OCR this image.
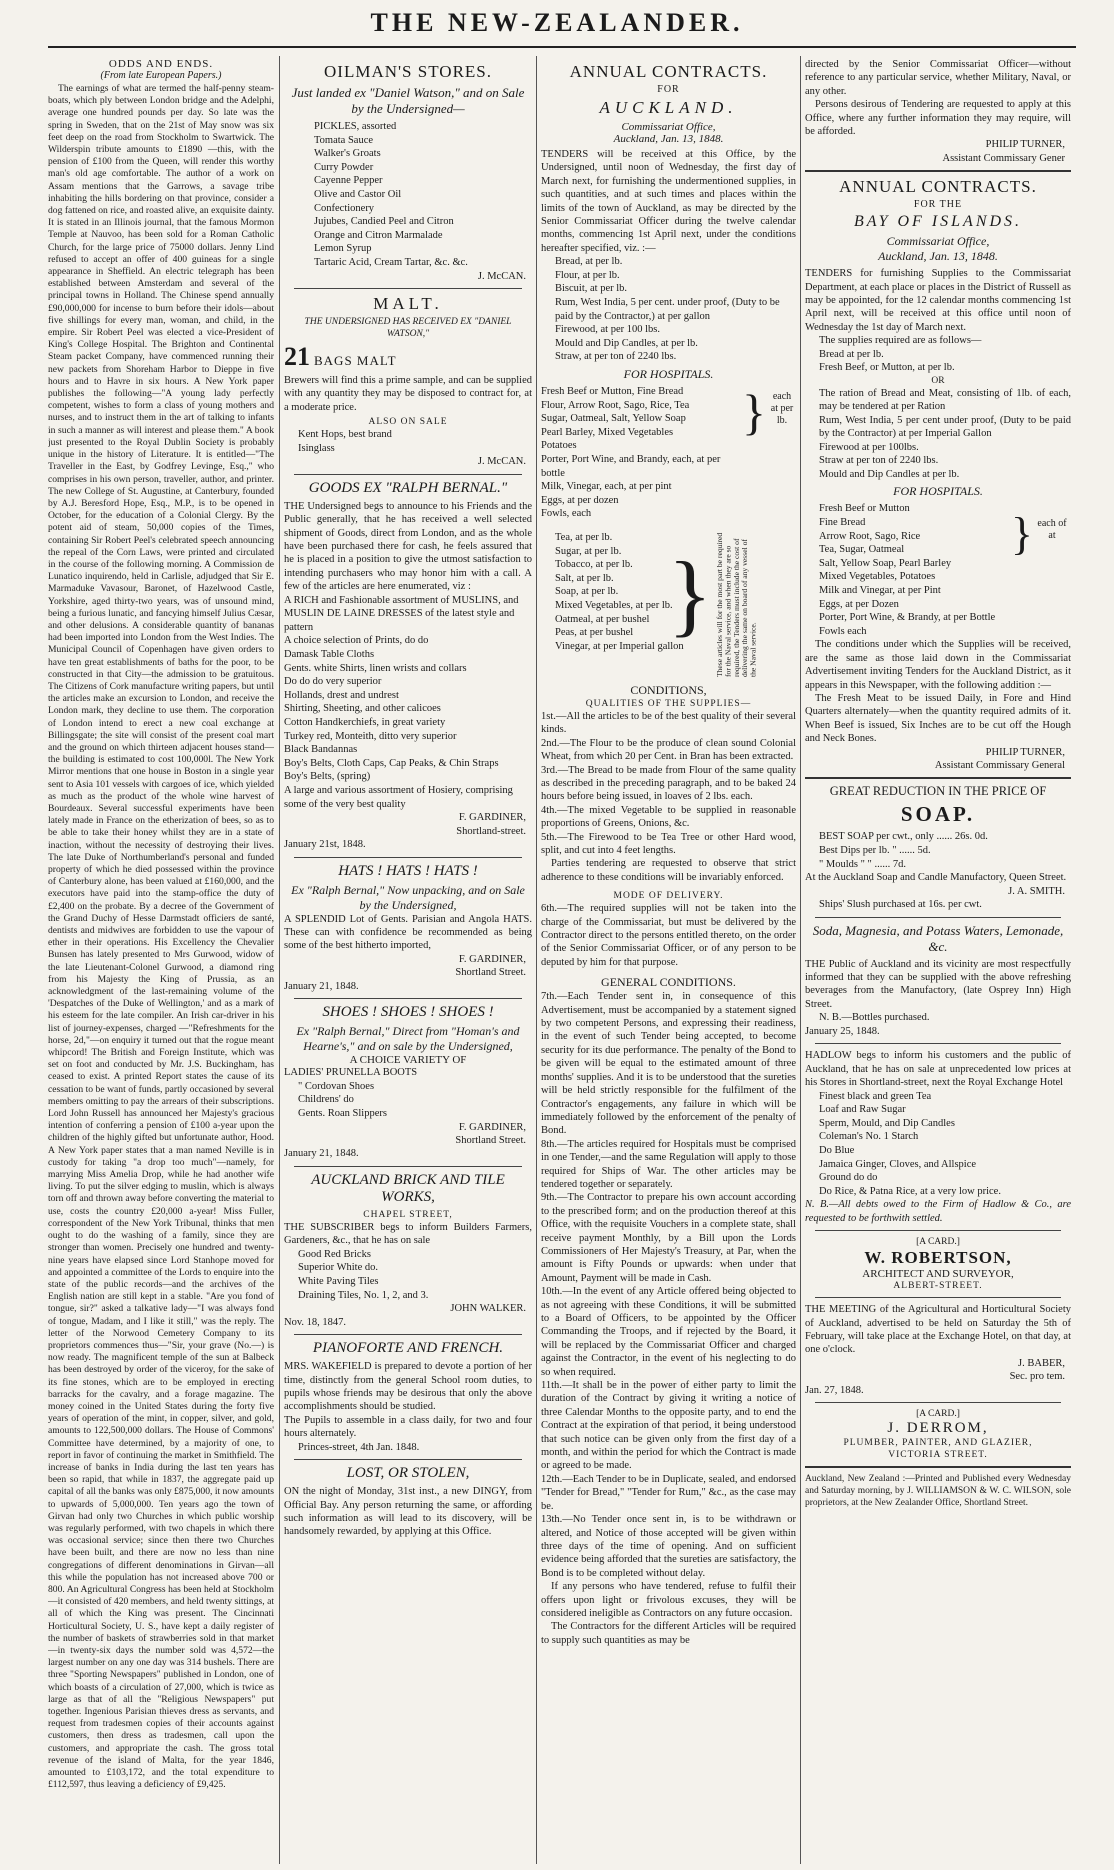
THE NEW-ZEALANDER.
ODDS AND ENDS.
(From late European Papers.)

The earnings of what are termed the half-penny steam-boats, which ply between London bridge and the Adelphi, average one hundred pounds per day. So late was the spring in Sweden, that on the 21st of May snow was six feet deep on the road from Stockholm to Swartwick. The Wilderspin tribute amounts to £1890 —this, with the pension of £100 from the Queen, will render this worthy man's old age comfortable. The author of a work on Assam mentions that the Garrows, a savage tribe inhabiting the hills bordering on that province, consider a dog fattened on rice, and roasted alive, an exquisite dainty. It is stated in an Illinois journal, that the famous Mormon Temple at Nauvoo, has been sold for a Roman Catholic Church, for the large price of 75000 dollars. Jenny Lind refused to accept an offer of 400 guineas for a single appearance in Sheffield. An electric telegraph has been established between Amsterdam and several of the principal towns in Holland. The Chinese spend annually £90,000,000 for incense to burn before their idols—about five shillings for every man, woman, and child, in the empire. Sir Robert Peel was elected a vice-President of King's College Hospital. The Brighton and Continental Steam packet Company, have commenced running their new packets from Shoreham Harbor to Dieppe in five hours and to Havre in six hours. A New York paper publishes the following—"A young lady perfectly competent, wishes to form a class of young mothers and nurses, and to instruct them in the art of talking to infants in such a manner as will interest and please them." A book just presented to the Royal Dublin Society is probably unique in the history of Literature. It is entitled—"The Traveller in the East, by Godfrey Levinge, Esq.," who comprises in his own person, traveller, author, and printer. The new College of St. Augustine, at Canterbury, founded by A.J. Beresford Hope, Esq., M.P., is to be opened in October, for the education of a Colonial Clergy. By the potent aid of steam, 50,000 copies of the Times, containing Sir Robert Peel's celebrated speech announcing the repeal of the Corn Laws, were printed and circulated in the course of the following morning. A Commission de Lunatico inquirendo, held in Carlisle, adjudged that Sir E. Marmaduke Vavasour, Baronet, of Hazelwood Castle, Yorkshire, aged thirty-two years, was of unsound mind, being a furious lunatic, and fancying himself Julius Cæsar, and other delusions. A considerable quantity of bananas had been imported into London from the West Indies. The Municipal Council of Copenhagen have given orders to have ten great establishments of baths for the poor, to be constructed in that City—the admission to be gratuitous. The Citizens of Cork manufacture writing papers, but until the articles make an excursion to London, and receive the London mark, they decline to use them. The corporation of London intend to erect a new coal exchange at Billingsgate; the site will consist of the present coal mart and the ground on which thirteen adjacent houses stand—the building is estimated to cost 100,000l. The New York Mirror mentions that one house in Boston in a single year sent to Asia 101 vessels with cargoes of ice, which yielded as much as the product of the whole wine harvest of Bourdeaux. Several successful experiments have been lately made in France on the etherization of bees, so as to be able to take their honey whilst they are in a state of inaction, without the necessity of destroying their lives. The late Duke of Northumberland's personal and funded property of which he died possessed within the province of Canterbury alone, has been valued at £160,000, and the executors have paid into the stamp-office the duty of £2,400 on the probate. By a decree of the Government of the Grand Duchy of Hesse Darmstadt officiers de santé, dentists and midwives are forbidden to use the vapour of ether in their operations. His Excellency the Chevalier Bunsen has lately presented to Mrs Gurwood, widow of the late Lieutenant-Colonel Gurwood, a diamond ring from his Majesty the King of Prussia, as an acknowledgment of the last-remaining volume of the 'Despatches of the Duke of Wellington,' and as a mark of his esteem for the late compiler. An Irish car-driver in his list of journey-expenses, charged —"Refreshments for the horse, 2d,"—on enquiry it turned out that the rogue meant whipcord! The British and Foreign Institute, which was set on foot and conducted by Mr. J.S. Buckingham, has ceased to exist. A printed Report states the cause of its cessation to be want of funds, partly occasioned by several members omitting to pay the arrears of their subscriptions. Lord John Russell has announced her Majesty's gracious intention of conferring a pension of £100 a-year upon the children of the highly gifted but unfortunate author, Hood. A New York paper states that a man named Neville is in custody for taking "a drop too much"—namely, for marrying Miss Amelia Drop, while he had another wife living. To put the silver edging to muslin, which is always torn off and thrown away before converting the material to use, costs the country £20,000 a-year! Miss Fuller, correspondent of the New York Tribunal, thinks that men ought to do the washing of a family, since they are stronger than women. Precisely one hundred and twenty-nine years have elapsed since Lord Stanhope moved for and appointed a committee of the Lords to enquire into the state of the public records—and the archives of the English nation are still kept in a stable. "Are you fond of tongue, sir?" asked a talkative lady—"I was always fond of tongue, Madam, and I like it still," was the reply. The letter of the Norwood Cemetery Company to its proprietors commences thus—"Sir, your grave (No.—) is now ready. The magnificent temple of the sun at Balbeck has been destroyed by order of the viceroy, for the sake of its fine stones, which are to be employed in erecting barracks for the cavalry, and a forage magazine. The money coined in the United States during the forty five years of operation of the mint, in copper, silver, and gold, amounts to 122,500,000 dollars. The House of Commons' Committee have determined, by a majority of one, to report in favor of continuing the market in Smithfield. The increase of banks in India during the last ten years has been so rapid, that while in 1837, the aggregate paid up capital of all the banks was only £875,000, it now amounts to upwards of 5,000,000. Ten years ago the town of Girvan had only two Churches in which public worship was regularly performed, with two chapels in which there was occasional service; since then there two Churches have been built, and there are now no less than nine congregations of different denominations in Girvan—all this while the population has not increased above 700 or 800. An Agricultural Congress has been held at Stockholm—it consisted of 420 members, and held twenty sittings, at all of which the King was present. The Cincinnati Horticultural Society, U. S., have kept a daily register of the number of baskets of strawberries sold in that market—in twenty-six days the number sold was 4,572—the largest number on any one day was 314 bushels. There are three "Sporting Newspapers" published in London, one of which boasts of a circulation of 27,000, which is twice as large as that of all the "Religious Newspapers" put together. Ingenious Parisian thieves dress as servants, and request from tradesmen copies of their accounts against customers, then dress as tradesmen, call upon the customers, and appropriate the cash. The gross total revenue of the island of Malta, for the year 1846, amounted to £103,172, and the total expenditure to £112,597, thus leaving a deficiency of £9,425.

OILMAN'S STORES.
Just landed ex "Daniel Watson," and on Sale by the Undersigned—
PICKLES, assorted
Tomata Sauce
Walker's Groats
Curry Powder
Cayenne Pepper
Olive and Castor Oil
Confectionery
Jujubes, Candied Peel and Citron
Orange and Citron Marmalade
Lemon Syrup
Tartaric Acid, Cream Tartar, &c. &c.
J. McCAN.
MALT.
THE UNDERSIGNED HAS RECEIVED EX "DANIEL WATSON,"
21 BAGS MALT

Brewers will find this a prime sample, and can be supplied with any quantity they may be disposed to contract for, at a moderate price.

ALSO ON SALE
Kent Hops, best brand
Isinglass
J. McCAN.
GOODS EX "RALPH BERNAL."

THE Undersigned begs to announce to his Friends and the Public generally, that he has received a well selected shipment of Goods, direct from London, and as the whole have been purchased there for cash, he feels assured that he is placed in a position to give the utmost satisfaction to intending purchasers who may honor him with a call. A few of the articles are here enumerated, viz :

A RICH and Fashionable assortment of MUSLINS, and MUSLIN DE LAINE DRESSES of the latest style and pattern
A choice selection of Prints, do do
Damask Table Cloths
Gents. white Shirts, linen wrists and collars
Do do do very superior
Hollands, drest and undrest
Shirting, Sheeting, and other calicoes
Cotton Handkerchiefs, in great variety
Turkey red, Monteith, ditto very superior
Black Bandannas
Boy's Belts, Cloth Caps, Cap Peaks, & Chin Straps
Boy's Belts, (spring)
A large and various assortment of Hosiery, comprising some of the very best quality
F. GARDINER,
Shortland-street.
January 21st, 1848.
HATS ! HATS ! HATS !
Ex "Ralph Bernal," Now unpacking, and on Sale by the Undersigned,

A SPLENDID Lot of Gents. Parisian and Angola HATS. These can with confidence be recommended as being some of the best hitherto imported,

F. GARDINER,
Shortland Street.
January 21, 1848.
SHOES ! SHOES ! SHOES !
Ex "Ralph Bernal," Direct from "Homan's and Hearne's," and on sale by the Undersigned,
A CHOICE VARIETY OF
LADIES' PRUNELLA BOOTS
" Cordovan Shoes
Childrens' do
Gents. Roan Slippers
F. GARDINER,
Shortland Street.
January 21, 1848.
AUCKLAND BRICK AND TILE WORKS,
CHAPEL STREET,

THE SUBSCRIBER begs to inform Builders Farmers, Gardeners, &c., that he has on sale

Good Red Bricks
Superior White do.
White Paving Tiles
Draining Tiles, No. 1, 2, and 3.
JOHN WALKER.
Nov. 18, 1847.
PIANOFORTE AND FRENCH.

MRS. WAKEFIELD is prepared to devote a portion of her time, distinctly from the general School room duties, to pupils whose friends may be desirous that only the above accomplishments should be studied.

The Pupils to assemble in a class daily, for two and four hours alternately.

Princes-street, 4th Jan. 1848.
LOST, OR STOLEN,

ON the night of Monday, 31st inst., a new DINGY, from Official Bay. Any person returning the same, or affording such information as will lead to its discovery, will be handsomely rewarded, by applying at this Office.

ANNUAL CONTRACTS.
FOR
AUCKLAND.
Commissariat Office,
Auckland, Jan. 13, 1848.

TENDERS will be received at this Office, by the Undersigned, until noon of Wednesday, the first day of March next, for furnishing the undermentioned supplies, in such quantities, and at such times and places within the limits of the town of Auckland, as may be directed by the Senior Commissariat Officer during the twelve calendar months, commencing 1st April next, under the conditions hereafter specified, viz. :—

Bread, at per lb.
Flour, at per lb.
Biscuit, at per lb.
Rum, West India, 5 per cent. under proof, (Duty to be paid by the Contractor,) at per gallon
Firewood, at per 100 lbs.
Mould and Dip Candles, at per lb.
Straw, at per ton of 2240 lbs.
FOR HOSPITALS.
Fresh Beef or Mutton, Fine Bread
Flour, Arrow Root, Sago, Rice, Tea
Sugar, Oatmeal, Salt, Yellow Soap
Pearl Barley, Mixed Vegetables
Potatoes
Porter, Port Wine, and Brandy, each, at per bottle
Milk, Vinegar, each, at per pint
Eggs, at per dozen
Fowls, each
} each at per lb.
Tea, at per lb.
Sugar, at per lb.
Tobacco, at per lb.
Salt, at per lb.
Soap, at per lb.
Mixed Vegetables, at per lb.
Oatmeal, at per bushel
Peas, at per bushel
Vinegar, at per Imperial gallon
} These articles will for the most part be required for the Naval service, and when they are so required, the Tenders must include the cost of delivering the same on board of any vessel of the Naval service.
CONDITIONS,
QUALITIES OF THE SUPPLIES—

1st.—All the articles to be of the best quality of their several kinds.

2nd.—The Flour to be the produce of clean sound Colonial Wheat, from which 20 per Cent. in Bran has been extracted.

3rd.—The Bread to be made from Flour of the same quality as described in the preceding paragraph, and to be baked 24 hours before being issued, in loaves of 2 lbs. each.

4th.—The mixed Vegetable to be supplied in reasonable proportions of Greens, Onions, &c.

5th.—The Firewood to be Tea Tree or other Hard wood, split, and cut into 4 feet lengths.

Parties tendering are requested to observe that strict adherence to these conditions will be invariably enforced.

MODE OF DELIVERY.

6th.—The required supplies will not be taken into the charge of the Commissariat, but must be delivered by the Contractor direct to the persons entitled thereto, on the order of the Senior Commissariat Officer, or of any person to be deputed by him for that purpose.

GENERAL CONDITIONS.

7th.—Each Tender sent in, in consequence of this Advertisement, must be accompanied by a statement signed by two competent Persons, and expressing their readiness, in the event of such Tender being accepted, to become security for its due performance. The penalty of the Bond to be given will be equal to the estimated amount of three months' supplies. And it is to be understood that the sureties will be held strictly responsible for the fulfilment of the Contractor's engagements, any failure in which will be immediately followed by the enforcement of the penalty of Bond.

8th.—The articles required for Hospitals must be comprised in one Tender,—and the same Regulation will apply to those required for Ships of War. The other articles may be tendered together or separately.

9th.—The Contractor to prepare his own account according to the prescribed form; and on the production thereof at this Office, with the requisite Vouchers in a complete state, shall receive payment Monthly, by a Bill upon the Lords Commissioners of Her Majesty's Treasury, at Par, when the amount is Fifty Pounds or upwards: when under that Amount, Payment will be made in Cash.

10th.—In the event of any Article offered being objected to as not agreeing with these Conditions, it will be submitted to a Board of Officers, to be appointed by the Officer Commanding the Troops, and if rejected by the Board, it will be replaced by the Commissariat Officer and charged against the Contractor, in the event of his neglecting to do so when required.

11th.—It shall be in the power of either party to limit the duration of the Contract by giving it writing a notice of three Calendar Months to the opposite party, and to end the Contract at the expiration of that period, it being understood that such notice can be given only from the first day of a month, and within the period for which the Contract is made or agreed to be made.

12th.—Each Tender to be in Duplicate, sealed, and endorsed "Tender for Bread," "Tender for Rum," &c., as the case may be.

13th.—No Tender once sent in, is to be withdrawn or altered, and Notice of those accepted will be given within three days of the time of opening. And on sufficient evidence being afforded that the sureties are satisfactory, the Bond is to be completed without delay.

If any persons who have tendered, refuse to fulfil their offers upon light or frivolous excuses, they will be considered ineligible as Contractors on any future occasion.

The Contractors for the different Articles will be required to supply such quantities as may be

directed by the Senior Commissariat Officer—without reference to any particular service, whether Military, Naval, or any other.

Persons desirous of Tendering are requested to apply at this Office, where any further information they may require, will be afforded.

PHILIP TURNER,
Assistant Commissary Gener
ANNUAL CONTRACTS.
FOR THE
BAY OF ISLANDS.
Commissariat Office,
Auckland, Jan. 13, 1848.

TENDERS for furnishing Supplies to the Commissariat Department, at each place or places in the District of Russell as may be appointed, for the 12 calendar months commencing 1st April next, will be received at this office until noon of Wednesday the 1st day of March next.

The supplies required are as follows—
Bread at per lb.
Fresh Beef, or Mutton, at per lb.
OR

The ration of Bread and Meat, consisting of 1lb. of each, may be tendered at per Ration

Rum, West India, 5 per cent under proof, (Duty to be paid by the Contractor) at per Imperial Gallon

Firewood at per 100lbs.
Straw at per ton of 2240 lbs.
Mould and Dip Candles at per lb.
FOR HOSPITALS.
Fresh Beef or Mutton
Fine Bread
Arrow Root, Sago, Rice
Tea, Sugar, Oatmeal
Salt, Yellow Soap, Pearl Barley
Mixed Vegetables, Potatoes
Milk and Vinegar, at per Pint
Eggs, at per Dozen
Porter, Port Wine, & Brandy, at per Bottle
Fowls each
} each of at

The conditions under which the Supplies will be received, are the same as those laid down in the Commissariat Advertisement inviting Tenders for the Auckland District, as it appears in this Newspaper, with the following addition :—

The Fresh Meat to be issued Daily, in Fore and Hind Quarters alternately—when the quantity required admits of it. When Beef is issued, Six Inches are to be cut off the Hough and Neck Bones.

PHILIP TURNER,
Assistant Commissary General
GREAT REDUCTION IN THE PRICE OF
SOAP.
BEST SOAP per cwt., only ...... 26s. 0d.
Best Dips per lb. " ...... 5d.
" Moulds " " ...... 7d.

At the Auckland Soap and Candle Manufactory, Queen Street.

J. A. SMITH.
Ships' Slush purchased at 16s. per cwt.
Soda, Magnesia, and Potass Waters, Lemonade, &c.

THE Public of Auckland and its vicinity are most respectfully informed that they can be supplied with the above refreshing beverages from the Manufactory, (late Osprey Inn) High Street.

N. B.—Bottles purchased.
January 25, 1848.

HADLOW begs to inform his customers and the public of Auckland, that he has on sale at unprecedented low prices at his Stores in Shortland-street, next the Royal Exchange Hotel

Finest black and green Tea
Loaf and Raw Sugar
Sperm, Mould, and Dip Candles
Coleman's No. 1 Starch
Do Blue
Jamaica Ginger, Cloves, and Allspice
Ground do do
Do Rice, & Patna Rice, at a very low price.

N. B.—All debts owed to the Firm of Hadlow & Co., are requested to be forthwith settled.

[A CARD.]
W. ROBERTSON,
ARCHITECT AND SURVEYOR,
ALBERT-STREET.

THE MEETING of the Agricultural and Horticultural Society of Auckland, advertised to be held on Saturday the 5th of February, will take place at the Exchange Hotel, on that day, at one o'clock.

J. BABER,
Sec. pro tem.
Jan. 27, 1848.
[A CARD.]
J. DERROM,
PLUMBER, PAINTER, AND GLAZIER,
VICTORIA STREET.

Auckland, New Zealand :—Printed and Published every Wednesday and Saturday morning, by J. WILLIAMSON & W. C. WILSON, sole proprietors, at the New Zealander Office, Shortland Street.
